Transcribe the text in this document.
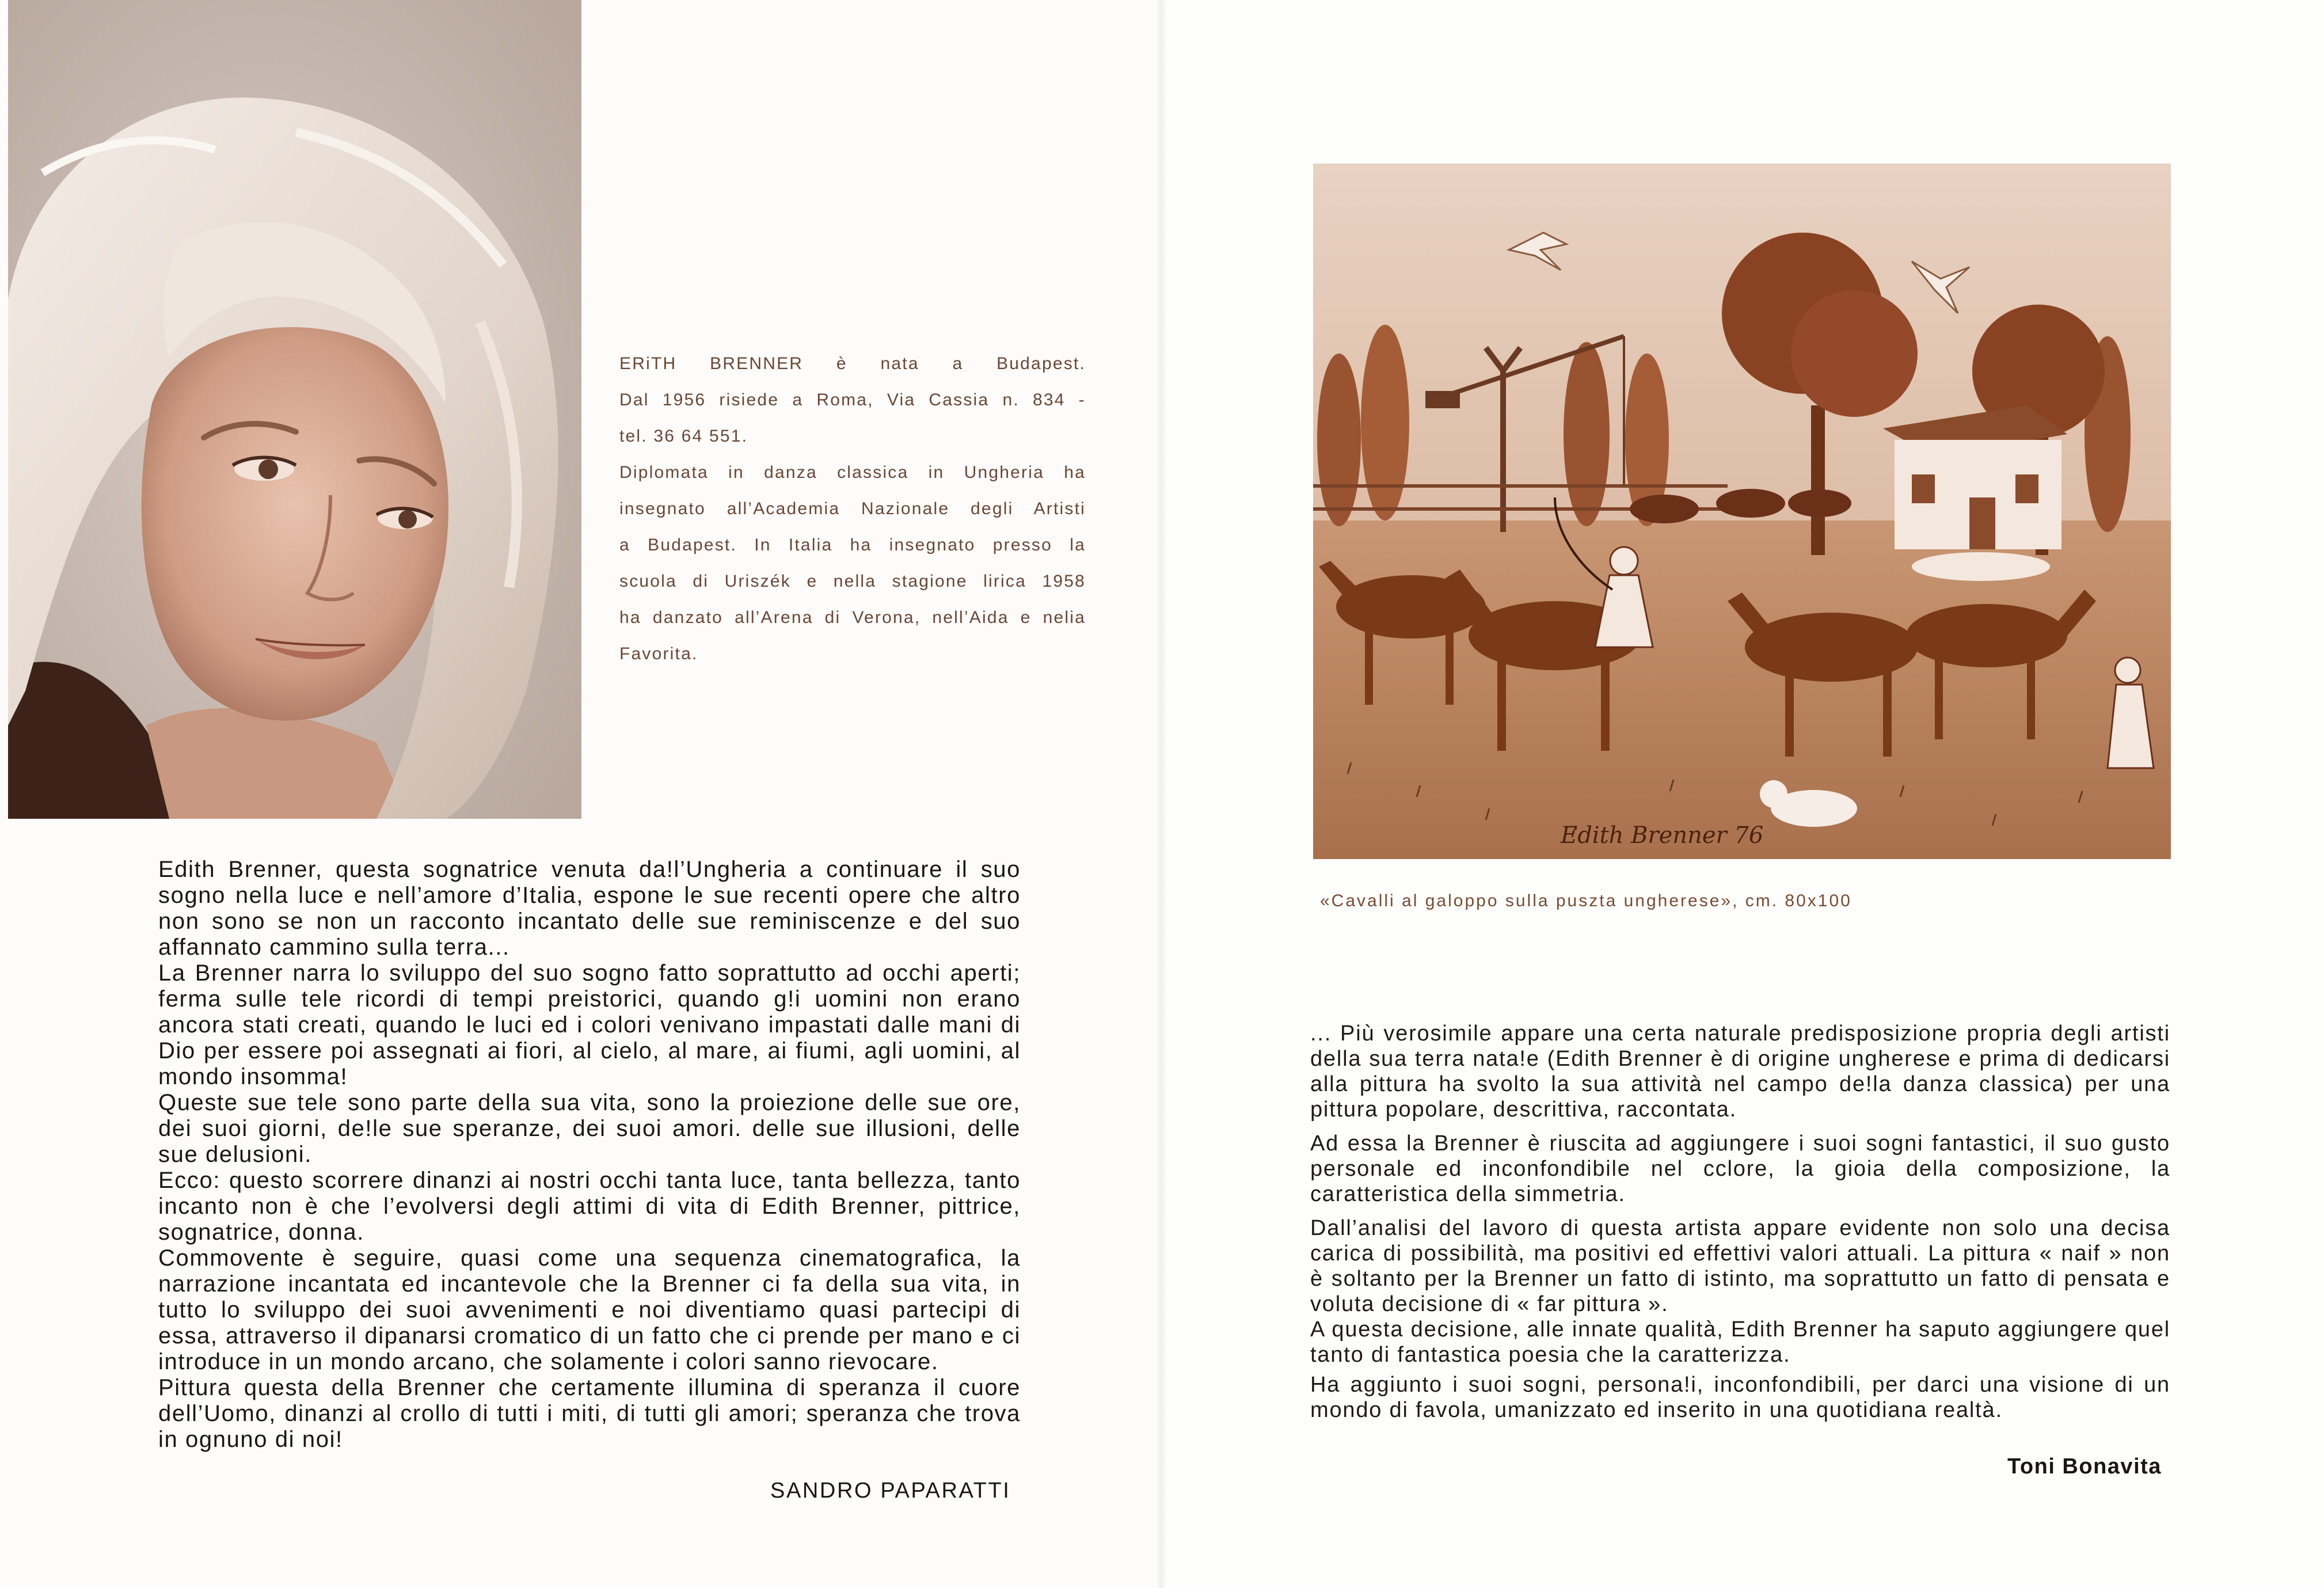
ERiTH BRENNER è nata a Budapest.

Dal 1956 risiede a Roma, Via Cassia n. 834 -

tel. 36 64 551.

Diplomata in danza classica in Ungheria ha

insegnato all’Academia Nazionale degli Artisti

a Budapest. In Italia ha insegnato presso la

scuola di Uriszék e nella stagione lirica 1958

ha danzato all’Arena di Verona, nell’Aida e nelia

Favorita.

Edith Brenner, questa sognatrice venuta da!l’Ungheria a continuare il suo sogno nella luce e nell’amore d’Italia, espone le sue recenti opere che altro non sono se non un racconto incantato delle sue reminiscenze e del suo affannato cammino sulla terra...

La Brenner narra lo sviluppo del suo sogno fatto soprattutto ad occhi aperti; ferma sulle tele ricordi di tempi preistorici, quando g!i uomini non erano ancora stati creati, quando le luci ed i colori venivano impastati dalle mani di Dio per essere poi assegnati ai fiori, al cielo, al mare, ai fiumi, agli uomini, al mondo insomma!

Queste sue tele sono parte della sua vita, sono la proiezione delle sue ore, dei suoi giorni, de!le sue speranze, dei suoi amori. delle sue illusioni, delle sue delusioni.

Ecco: questo scorrere dinanzi ai nostri occhi tanta luce, tanta bellezza, tanto incanto non è che l’evolversi degli attimi di vita di Edith Brenner, pittrice, sognatrice, donna.

Commovente è seguire, quasi come una sequenza cinematografica, la narrazione incantata ed incantevole che la Brenner ci fa della sua vita, in tutto lo sviluppo dei suoi avvenimenti e noi diventiamo quasi partecipi di essa, attraverso il dipanarsi cromatico di un fatto che ci prende per mano e ci introduce in un mondo arcano, che solamente i colori sanno rievocare.

Pittura questa della Brenner che certamente illumina di speranza il cuore dell’Uomo, dinanzi al crollo di tutti i miti, di tutti gli amori; speranza che trova in ognuno di noi!

SANDRO PAPARATTI
Edith Brenner 76
«Cavalli al galoppo sulla puszta ungherese», cm. 80x100

... Più verosimile appare una certa naturale predisposizione propria degli artisti della sua terra nata!e (Edith Brenner è di origine ungherese e prima di dedicarsi alla pittura ha svolto la sua attività nel campo de!la danza classica) per una pittura popolare, descrittiva, raccontata.

Ad essa la Brenner è riuscita ad aggiungere i suoi sogni fantastici, il suo gusto personale ed inconfondibile nel cclore, la gioia della composizione, la caratteristica della simmetria.

Dall’analisi del lavoro di questa artista appare evidente non solo una decisa carica di possibilità, ma positivi ed effettivi valori attuali. La pittura « naif » non è soltanto per la Brenner un fatto di istinto, ma soprattutto un fatto di pensata e voluta decisione di « far pittura ».

A questa decisione, alle innate qualità, Edith Brenner ha saputo aggiungere quel tanto di fantastica poesia che la caratterizza.

Ha aggiunto i suoi sogni, persona!i, inconfondibili, per darci una visione di un mondo di favola, umanizzato ed inserito in una quotidiana realtà.

Toni Bonavita
